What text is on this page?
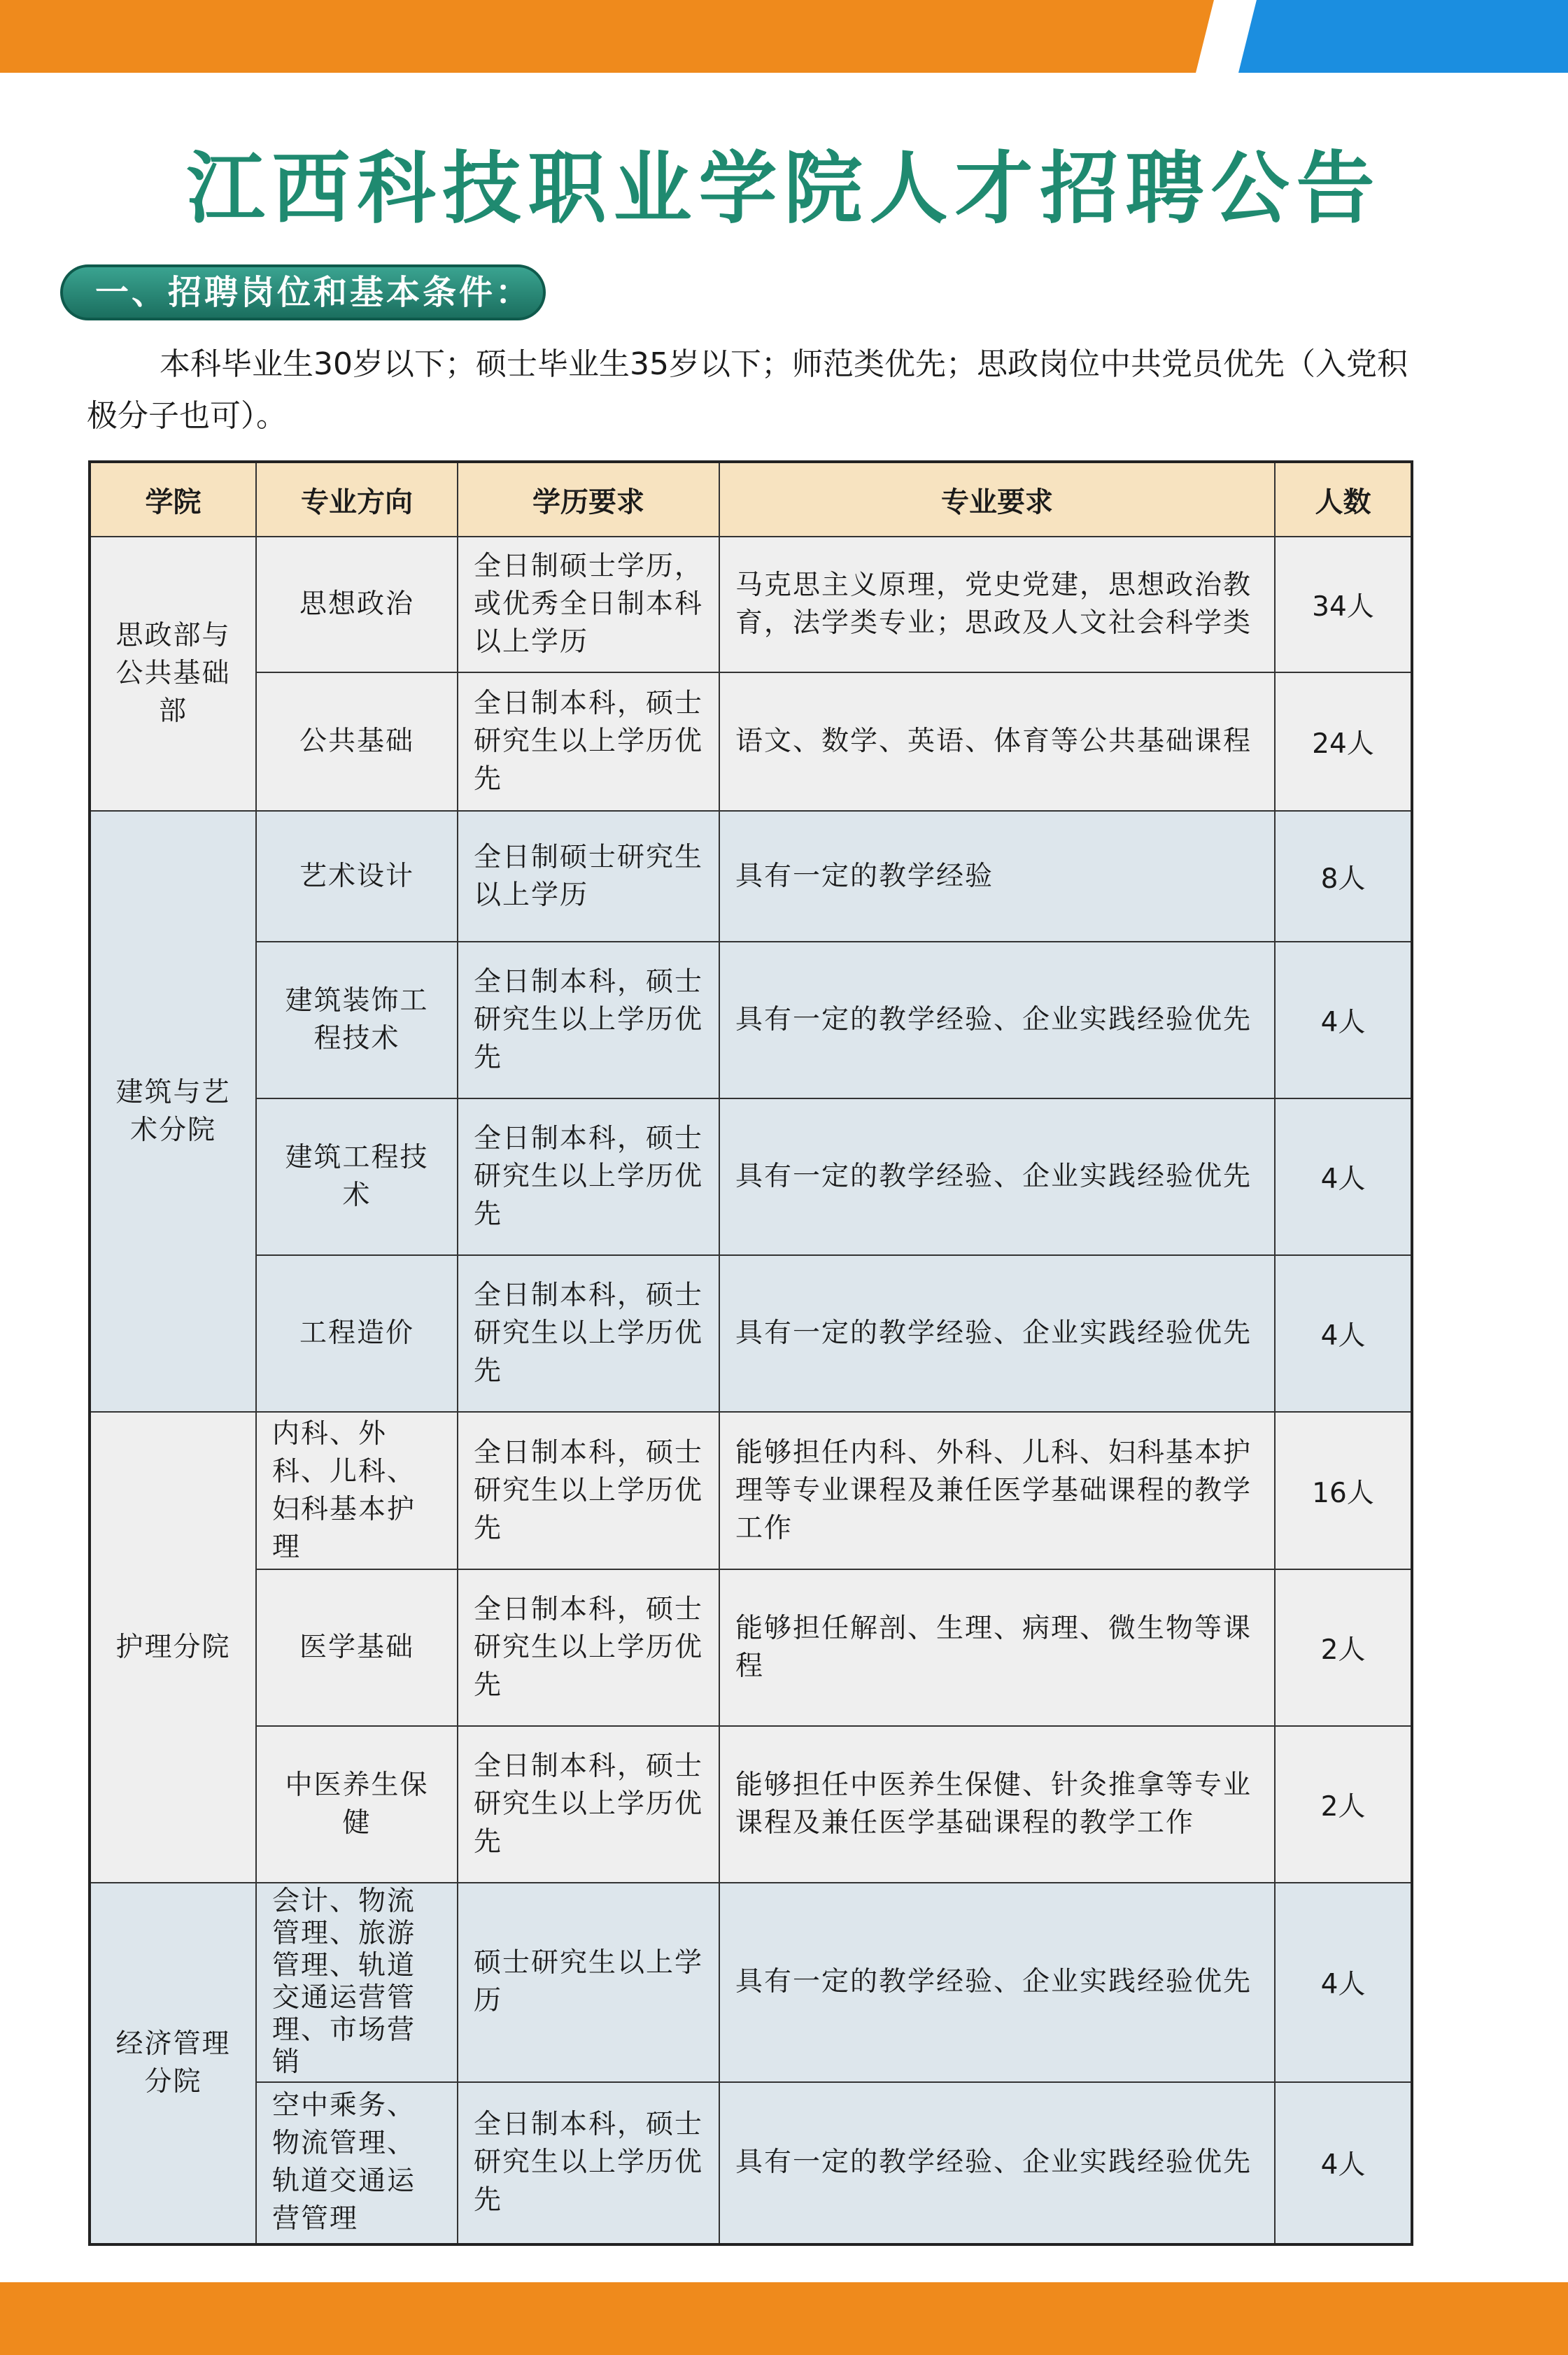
江西科技职业学院人才招聘公告
一、招聘岗位和基本条件：
本科毕业生30岁以下；硕士毕业生35岁以下；师范类优先；思政岗位中共党员优先（入党积极分子也可）。
学院	专业方向	学历要求	专业要求	人数
思政部与公共基础部	思想政治	全日制硕士学历，或优秀全日制本科以上学历	马克思主义原理，党史党建，思想政治教育，法学类专业；思政及人文社会科学类	34人
	公共基础	全日制本科，硕士研究生以上学历优先	语文、数学、英语、体育等公共基础课程	24人
建筑与艺术分院	艺术设计	全日制硕士研究生以上学历	具有一定的教学经验	8人
	建筑装饰工程技术	全日制本科，硕士研究生以上学历优先	具有一定的教学经验、企业实践经验优先	4人
	建筑工程技术	全日制本科，硕士研究生以上学历优先	具有一定的教学经验、企业实践经验优先	4人
	工程造价	全日制本科，硕士研究生以上学历优先	具有一定的教学经验、企业实践经验优先	4人
护理分院	内科、外科、儿科、妇科基本护理	全日制本科，硕士研究生以上学历优先	能够担任内科、外科、儿科、妇科基本护理等专业课程及兼任医学基础课程的教学工作	16人
	医学基础	全日制本科，硕士研究生以上学历优先	能够担任解剖、生理、病理、微生物等课程	2人
	中医养生保健	全日制本科，硕士研究生以上学历优先	能够担任中医养生保健、针灸推拿等专业课程及兼任医学基础课程的教学工作	2人
经济管理分院	会计、物流管理、旅游管理、轨道交通运营管理、市场营销	硕士研究生以上学历	具有一定的教学经验、企业实践经验优先	4人
	空中乘务、物流管理、轨道交通运营管理	全日制本科，硕士研究生以上学历优先	具有一定的教学经验、企业实践经验优先	4人
